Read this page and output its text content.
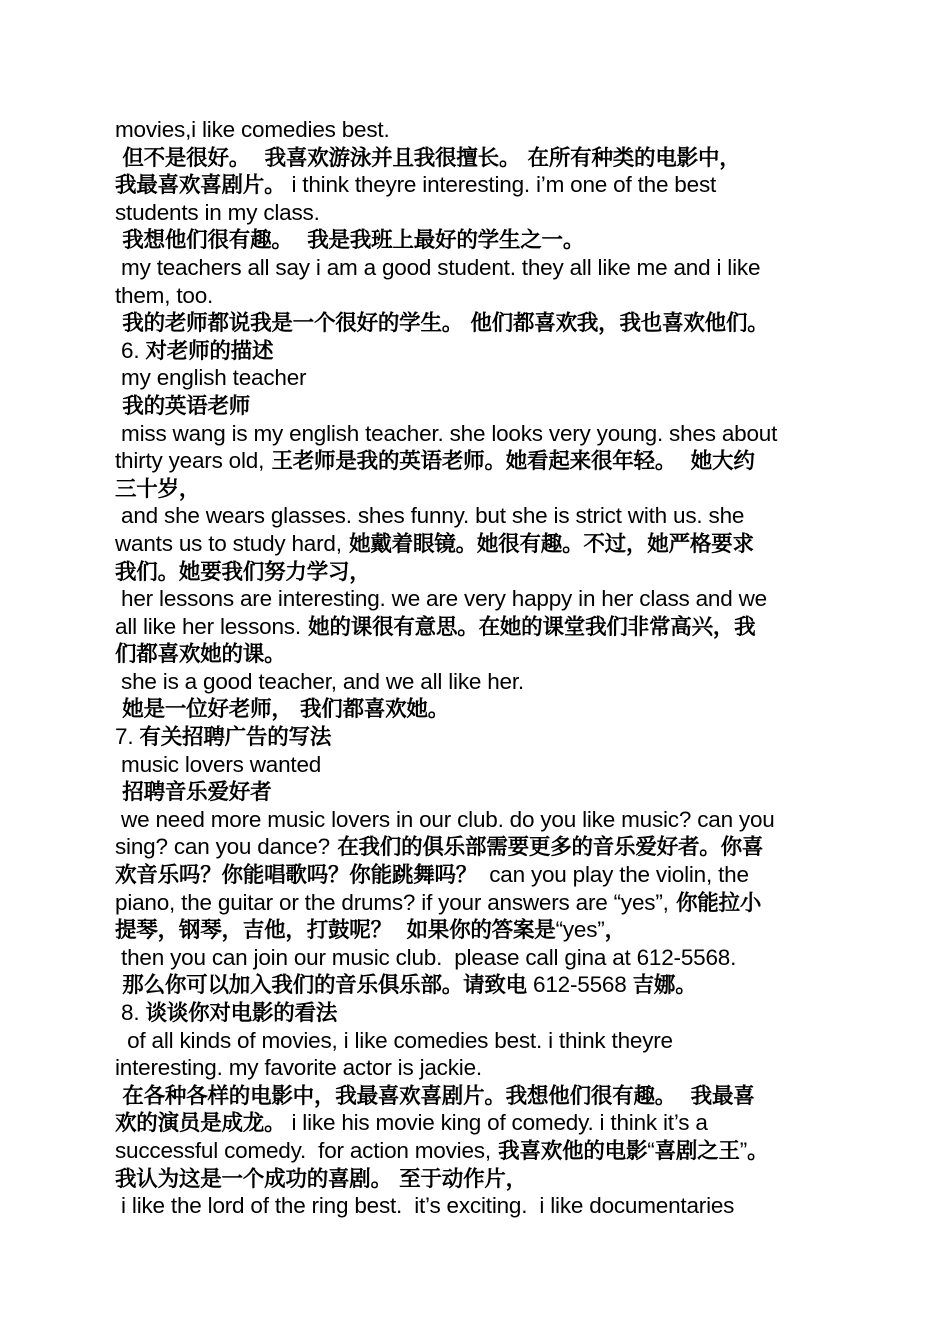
movies,i like comedies best.
但不是很好。  我喜欢游泳并且我很擅长。 在所有种类的电影中，
我最喜欢喜剧片。 i think theyre interesting. i’m one of the best
students in my class.
我想他们很有趣。  我是我班上最好的学生之一。
my teachers all say i am a good student. they all like me and i like
them, too.
我的老师都说我是一个很好的学生。 他们都喜欢我，我也喜欢他们。
6. 对老师的描述
my english teacher
我的英语老师
miss wang is my english teacher. she looks very young. shes about
thirty years old, 王老师是我的英语老师。她看起来很年轻。  她大约
三十岁，
and she wears glasses. shes funny. but she is strict with us. she
wants us to study hard, 她戴着眼镜。她很有趣。不过，她严格要求
我们。她要我们努力学习，
her lessons are interesting. we are very happy in her class and we
all like her lessons. 她的课很有意思。在她的课堂我们非常高兴，我
们都喜欢她的课。
she is a good teacher, and we all like her.
她是一位好老师， 我们都喜欢她。
7. 有关招聘广告的写法
music lovers wanted
招聘音乐爱好者
we need more music lovers in our club. do you like music? can you
sing? can you dance? 在我们的俱乐部需要更多的音乐爱好者。你喜
欢音乐吗？你能唱歌吗？你能跳舞吗？  can you play the violin, the
piano, the guitar or the drums? if your answers are “yes”, 你能拉小
提琴，钢琴，吉他，打鼓呢？  如果你的答案是“yes”，
then you can join our music club.  please call gina at 612-5568.
那么你可以加入我们的音乐俱乐部。请致电 612-5568 吉娜。
8. 谈谈你对电影的看法
of all kinds of movies, i like comedies best. i think theyre
interesting. my favorite actor is jackie.
在各种各样的电影中，我最喜欢喜剧片。我想他们很有趣。  我最喜
欢的演员是成龙。 i like his movie king of comedy. i think it’s a
successful comedy.  for action movies, 我喜欢他的电影“喜剧之王”。
我认为这是一个成功的喜剧。 至于动作片，
i like the lord of the ring best.  it’s exciting.  i like documentaries
